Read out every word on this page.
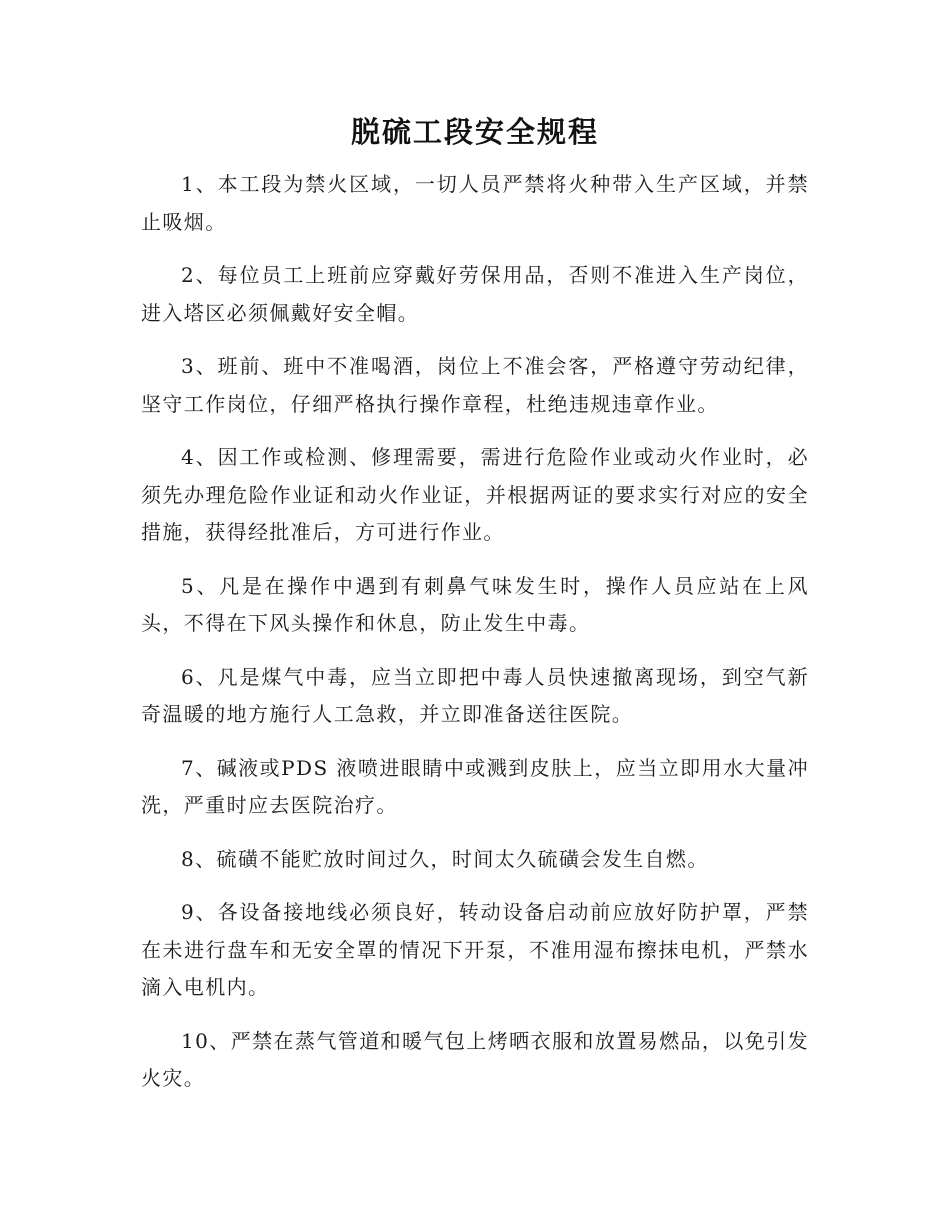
脱硫工段安全规程

1、本工段为禁火区域，一切人员严禁将火种带入生产区域，并禁止吸烟。

2、每位员工上班前应穿戴好劳保用品，否则不准进入生产岗位，进入塔区必须佩戴好安全帽。

3、班前、班中不准喝酒，岗位上不准会客，严格遵守劳动纪律，坚守工作岗位，仔细严格执行操作章程，杜绝违规违章作业。

4、因工作或检测、修理需要，需进行危险作业或动火作业时，必须先办理危险作业证和动火作业证，并根据两证的要求实行对应的安全措施，获得经批准后，方可进行作业。

5、凡是在操作中遇到有刺鼻气味发生时，操作人员应站在上风头，不得在下风头操作和休息，防止发生中毒。

6、凡是煤气中毒，应当立即把中毒人员快速撤离现场，到空气新奇温暖的地方施行人工急救，并立即准备送往医院。

7、碱液或PDS 液喷进眼睛中或溅到皮肤上，应当立即用水大量冲洗，严重时应去医院治疗。

8、硫磺不能贮放时间过久，时间太久硫磺会发生自燃。

9、各设备接地线必须良好，转动设备启动前应放好防护罩，严禁在未进行盘车和无安全罩的情况下开泵，不准用湿布擦抹电机，严禁水滴入电机内。

10、严禁在蒸气管道和暖气包上烤晒衣服和放置易燃品，以免引发火灾。
